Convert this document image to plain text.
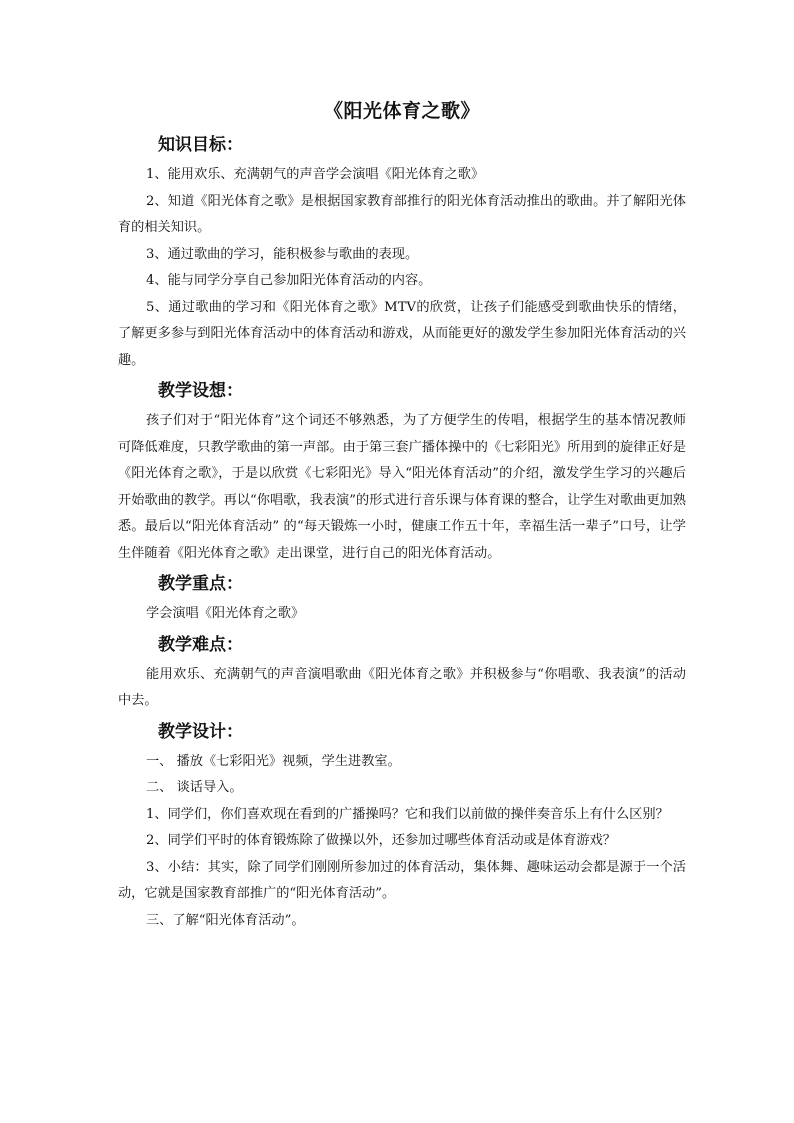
《阳光体育之歌》
知识目标：

1、能用欢乐、充满朝气的声音学会演唱《阳光体育之歌》

2、知道《阳光体育之歌》是根据国家教育部推行的阳光体育活动推出的歌曲。并了解阳光体育的相关知识。

3、通过歌曲的学习，能积极参与歌曲的表现。

4、能与同学分享自己参加阳光体育活动的内容。

5、通过歌曲的学习和《阳光体育之歌》MTV的欣赏，让孩子们能感受到歌曲快乐的情绪，了解更多参与到阳光体育活动中的体育活动和游戏，从而能更好的激发学生参加阳光体育活动的兴趣。

教学设想：

孩子们对于“阳光体育”这个词还不够熟悉，为了方便学生的传唱，根据学生的基本情况教师可降低难度，只教学歌曲的第一声部。由于第三套广播体操中的《七彩阳光》所用到的旋律正好是《阳光体育之歌》，于是以欣赏《七彩阳光》导入“阳光体育活动”的介绍，激发学生学习的兴趣后开始歌曲的教学。再以“你唱歌，我表演”的形式进行音乐课与体育课的整合，让学生对歌曲更加熟悉。最后以“阳光体育活动” 的“每天锻炼一小时，健康工作五十年，幸福生活一辈子”口号，让学生伴随着《阳光体育之歌》走出课堂，进行自己的阳光体育活动。

教学重点：

学会演唱《阳光体育之歌》

教学难点：

能用欢乐、充满朝气的声音演唱歌曲《阳光体育之歌》并积极参与“你唱歌、我表演”的活动中去。

教学设计：

一、 播放《七彩阳光》视频，学生进教室。

二、 谈话导入。

1、同学们，你们喜欢现在看到的广播操吗？它和我们以前做的操伴奏音乐上有什么区别？

2、同学们平时的体育锻炼除了做操以外，还参加过哪些体育活动或是体育游戏？

3、小结：其实，除了同学们刚刚所参加过的体育活动，集体舞、趣味运动会都是源于一个活动，它就是国家教育部推广的“阳光体育活动”。

三、了解“阳光体育活动”。
